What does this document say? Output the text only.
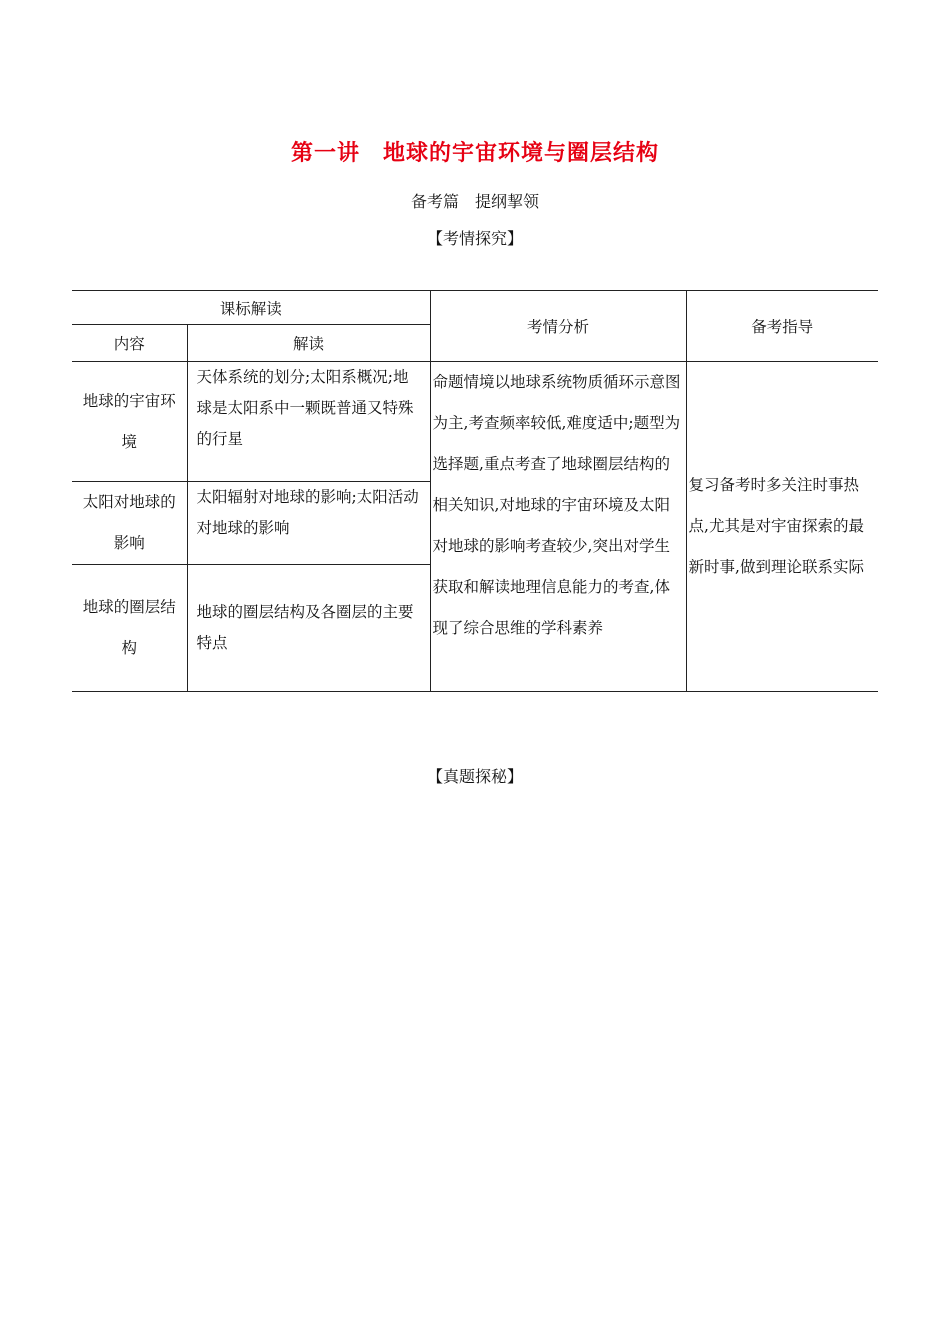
第一讲　地球的宇宙环境与圈层结构
备考篇　提纲挈领
【考情探究】
课标解读		考情分析	备考指导
内容	解读		
地球的宇宙环境	天体系统的划分;太阳系概况;地球是太阳系中一颗既普通又特殊的行星	命题情境以地球系统物质循环示意图为主,考查频率较低,难度适中;题型为选择题,重点考查了地球圈层结构的相关知识,对地球的宇宙环境及太阳对地球的影响考查较少,突出对学生获取和解读地理信息能力的考查,体现了综合思维的学科素养	复习备考时多关注时事热点,尤其是对宇宙探索的最新时事,做到理论联系实际
太阳对地球的影响	太阳辐射对地球的影响;太阳活动对地球的影响		
地球的圈层结构	地球的圈层结构及各圈层的主要特点		
【真题探秘】
